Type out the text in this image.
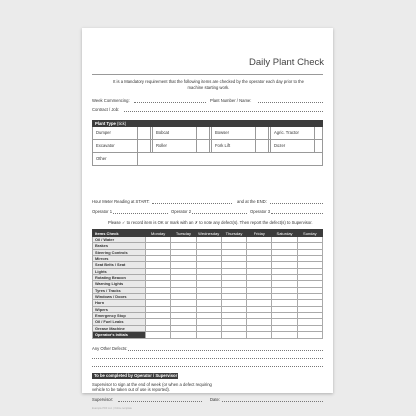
Daily Plant Check
It is a Mandatory requirement that the following items are checked by the operator each day prior to the machine starting work.
Week Commencing:	Plant Number / Name:
Contract / Job:
Plant Type (tick)
Dumper	Bobcat	Bowser	Agric. Tractor
Excavator	Roller	Fork Lift	Dozer
Other
Hour Meter Reading at START:	and at the END:
Operator 1	Operator 2	Operator 3
Please ✓ to record item is OK or mark with an ✗ to note any defect(s). Then report the defect(s) to Supervisor.
Items Check	Monday	Tuesday	Wednesday	Thursday	Friday	Saturday	Sunday
Oil / Water							
Brakes							
Steering Controls							
Mirrors							
Seat Belts / Seat							
Lights							
Rotating Beacon							
Warning Lights							
Tyres / Tracks							
Windows / Doors							
Horn							
Wipers							
Emergency Stop							
Oil / Fuel Leaks							
Grease Machine							
Operator's Initials							
Any Other Defects:
To be completed by Operator / Supervisor
Supervisor to sign at the end of week (or when a defect requiring vehicle to be taken out of use is reported).
Supervisor:	Date:
Example PDF Ltd. | Online template
